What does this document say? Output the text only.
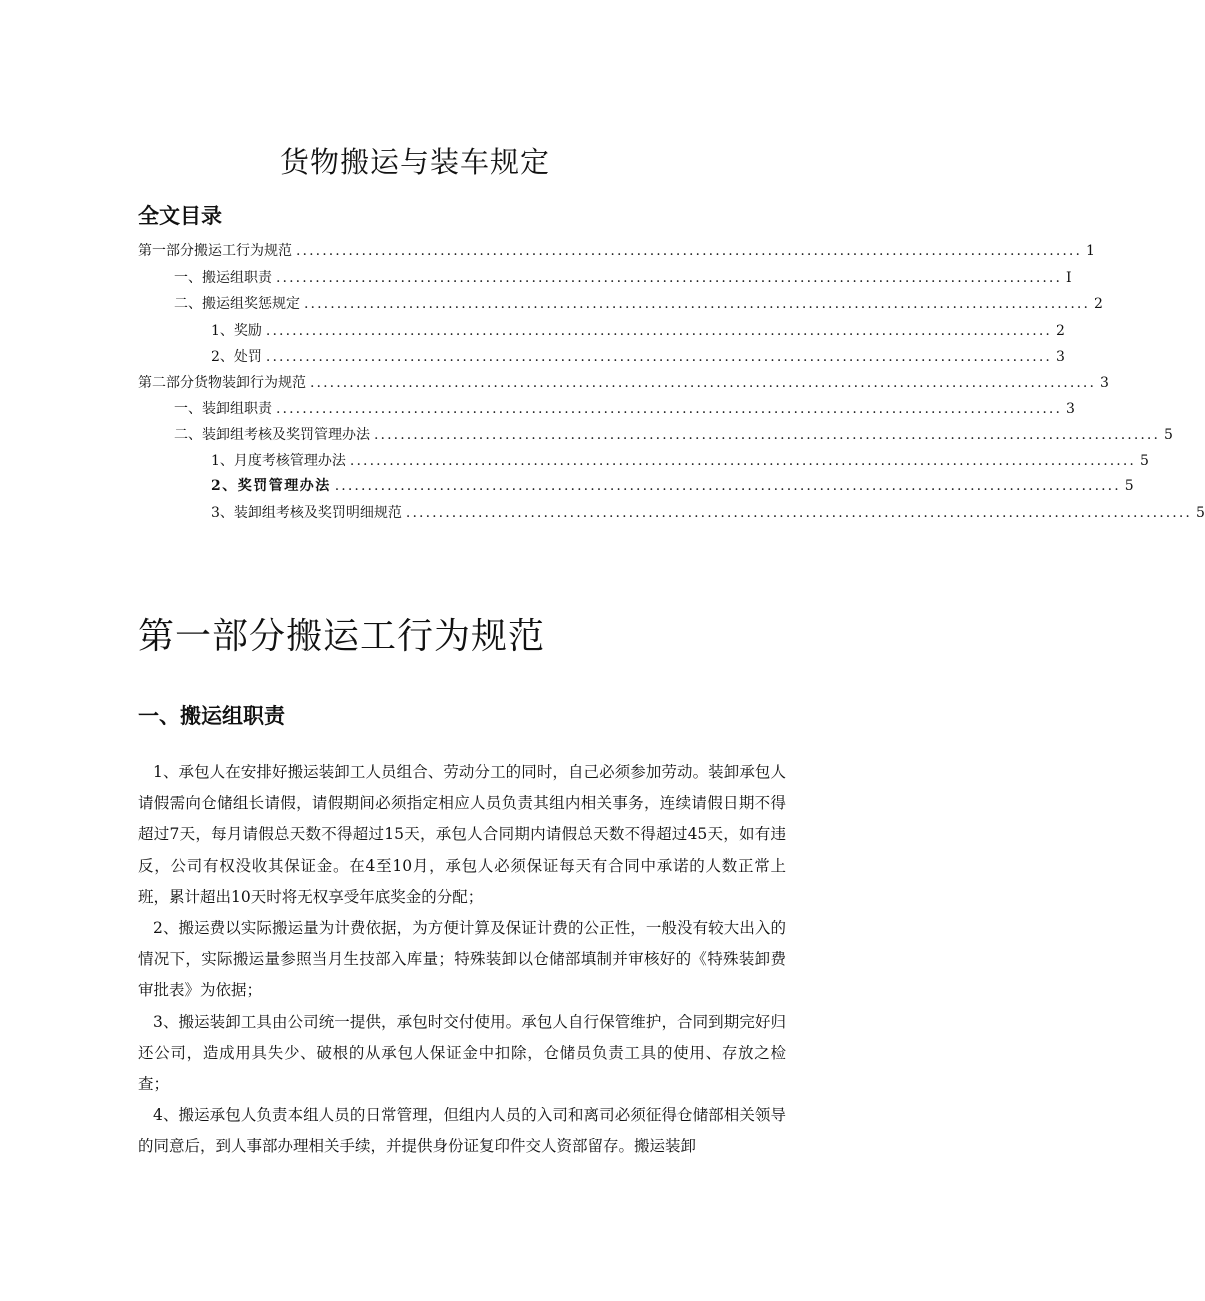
货物搬运与装车规定
全文目录
第一部分搬运工行为规范 ........................................................................................................................ 1
一、搬运组职责 ........................................................................................................................ I
二、搬运组奖惩规定 ........................................................................................................................ 2
1、奖励 ........................................................................................................................ 2
2、处罚 ........................................................................................................................ 3
第二部分货物装卸行为规范 ........................................................................................................................ 3
一、装卸组职责 ........................................................................................................................ 3
二、装卸组考核及奖罚管理办法 ........................................................................................................................ 5
1、月度考核管理办法 ........................................................................................................................ 5
2、奖罚管理办法 ........................................................................................................................ 5
3、装卸组考核及奖罚明细规范 ........................................................................................................................ 5
第一部分搬运工行为规范
一、搬运组职责

1、承包人在安排好搬运装卸工人员组合、劳动分工的同时，自己必须参加劳动。装卸承包人请假需向仓储组长请假，请假期间必须指定相应人员负责其组内相关事务，连续请假日期不得超过7天，每月请假总天数不得超过15天，承包人合同期内请假总天数不得超过45天，如有违反，公司有权没收其保证金。在4至10月，承包人必须保证每天有合同中承诺的人数正常上班，累计超出10天时将无权享受年底奖金的分配；

2、搬运费以实际搬运量为计费依据，为方便计算及保证计费的公正性，一般没有较大出入的情况下，实际搬运量参照当月生技部入库量；特殊装卸以仓储部填制并审核好的《特殊装卸费审批表》为依据；

3、搬运装卸工具由公司统一提供，承包时交付使用。承包人自行保管维护，合同到期完好归还公司，造成用具失少、破根的从承包人保证金中扣除，仓储员负责工具的使用、存放之检查；

4、搬运承包人负责本组人员的日常管理，但组内人员的入司和离司必须征得仓储部相关领导的同意后，到人事部办理相关手续，并提供身份证复印件交人资部留存。搬运装卸
